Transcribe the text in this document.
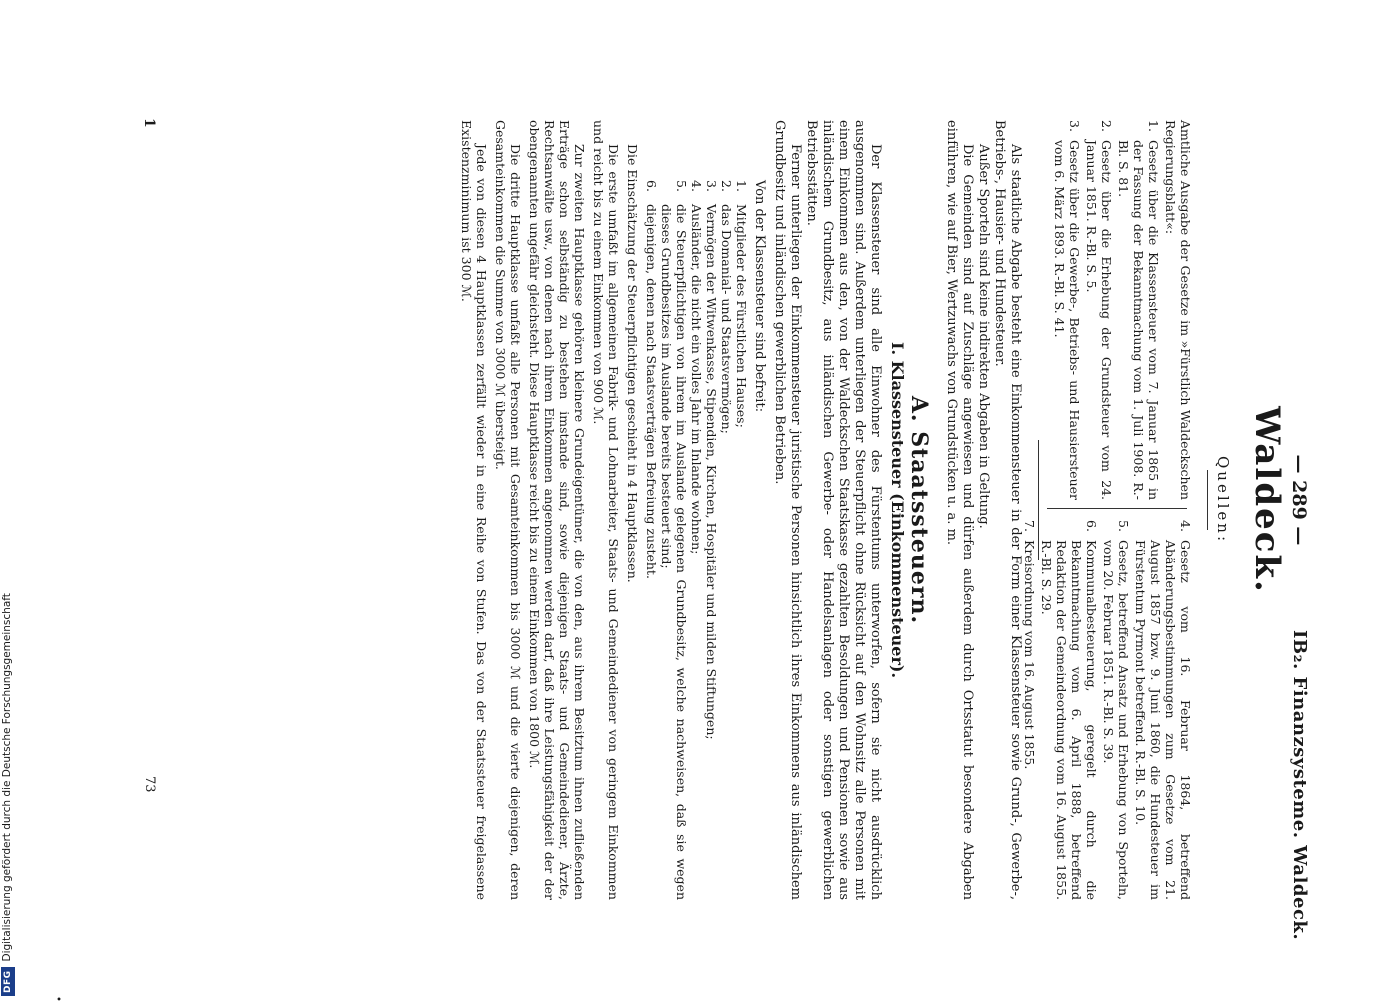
— 289 —
IB₂. Finanzsysteme. Waldeck.
Waldeck.
Quellen:

Amtliche Ausgabe der Gesetze im »Fürstlich Waldeckschen Regierungsblatt«:

1.
Gesetz über die Klassensteuer vom 7. Januar 1865 in der Fassung der Bekanntmachung vom 1. Juli 1908. R.-Bl. S. 81.
2.
Gesetz über die Erhebung der Grundsteuer vom 24. Januar 1851. R.-Bl. S. 5.
3.
Gesetz über die Gewerbe-, Betriebs- und Hausiersteuer vom 6. März 1893. R.-Bl. S. 41.
4.
Gesetz vom 16. Februar 1864, betreffend Abänderungsbestimmungen zum Gesetze vom 21. August 1857 bzw. 9. Juni 1860, die Hundesteuer im Fürstentum Pyrmont betreffend. R.-Bl. S. 10.
5.
Gesetz, betreffend Ansatz und Erhebung von Sporteln, vom 20. Februar 1851. R.-Bl. S. 39.
6.
Kommunalbesteuerung, geregelt durch die Bekanntmachung vom 6. April 1888, betreffend Redaktion der Gemeindeordnung vom 16. August 1855. R.-Bl. S. 29.
7.
Kreisordnung vom 16. August 1855.

Als staatliche Abgabe besteht eine Einkommensteuer in der Form einer Klassensteuer sowie Grund-, Gewerbe-, Betriebs-, Hausier- und Hundesteuer.

Außer Sporteln sind keine indirekten Abgaben in Geltung.

Die Gemeinden sind auf Zuschläge angewiesen und dürfen außerdem durch Ortsstatut besondere Abgaben einführen, wie auf Bier, Wertzuwachs von Grundstücken u. a. m.

A. Staatssteuern.
I. Klassensteuer (Einkommensteuer).

Der Klassensteuer sind alle Einwohner des Fürstentums unterworfen, sofern sie nicht ausdrücklich ausgenommen sind. Außerdem unterliegen der Steuerpflicht ohne Rücksicht auf den Wohnsitz alle Personen mit einem Einkommen aus den, von der Waldeckschen Staatskasse gezahlten Besoldungen und Pensionen sowie aus inländischem Grundbesitz, aus inländischen Gewerbe- oder Handelsanlagen oder sonstigen gewerblichen Betriebsstätten.

Ferner unterliegen der Einkommensteuer juristische Personen hinsichtlich ihres Einkommens aus inländischem Grundbesitz und inländischen gewerblichen Betrieben.

Von der Klassensteuer sind befreit:

1.
Mitglieder des Fürstlichen Hauses;
2.
das Domanial- und Staatsvermögen;
3.
Vermögen der Witwenkasse, Stipendien, Kirchen, Hospitäler und milden Stiftungen;
4.
Ausländer, die nicht ein volles Jahr im Inlande wohnen;
5.
die Steuerpflichtigen von ihrem im Auslande gelegenen Grundbesitz, welche nachweisen, daß sie wegen dieses Grundbesitzes im Auslande bereits besteuert sind;
6.
diejenigen, denen nach Staatsverträgen Befreiung zusteht.

Die Einschätzung der Steuerpflichtigen geschieht in 4 Hauptklassen.

Die erste umfaßt im allgemeinen Fabrik- und Lohnarbeiter, Staats- und Gemeindediener von geringem Einkommen und reicht bis zu einem Einkommen von 900 ℳ.

Zur zweiten Hauptklasse gehören kleinere Grundeigentümer, die von den, aus ihrem Besitztum ihnen zufließenden Erträge schon selbständig zu bestehen imstande sind, sowie diejenigen Staats- und Gemeindediener, Ärzte, Rechtsanwälte usw., von denen nach ihrem Einkommen angenommen werden darf, daß ihre Leistungsfähigkeit der der obengenannten ungefähr gleichsteht. Diese Hauptklasse reicht bis zu einem Einkommen von 1800 ℳ.

Die dritte Hauptklasse umfaßt alle Personen mit Gesamteinkommen bis 3000 ℳ und die vierte diejenigen, deren Gesamteinkommen die Summe von 3000 ℳ übersteigt.

Jede von diesen 4 Hauptklassen zerfällt wieder in eine Reihe von Stufen. Das von der Staatssteuer freigelassene Existenzminimum ist 300 ℳ.

1
73
•
DFGDigitalisierung gefördert durch die Deutsche Forschungsgemeinschaft
